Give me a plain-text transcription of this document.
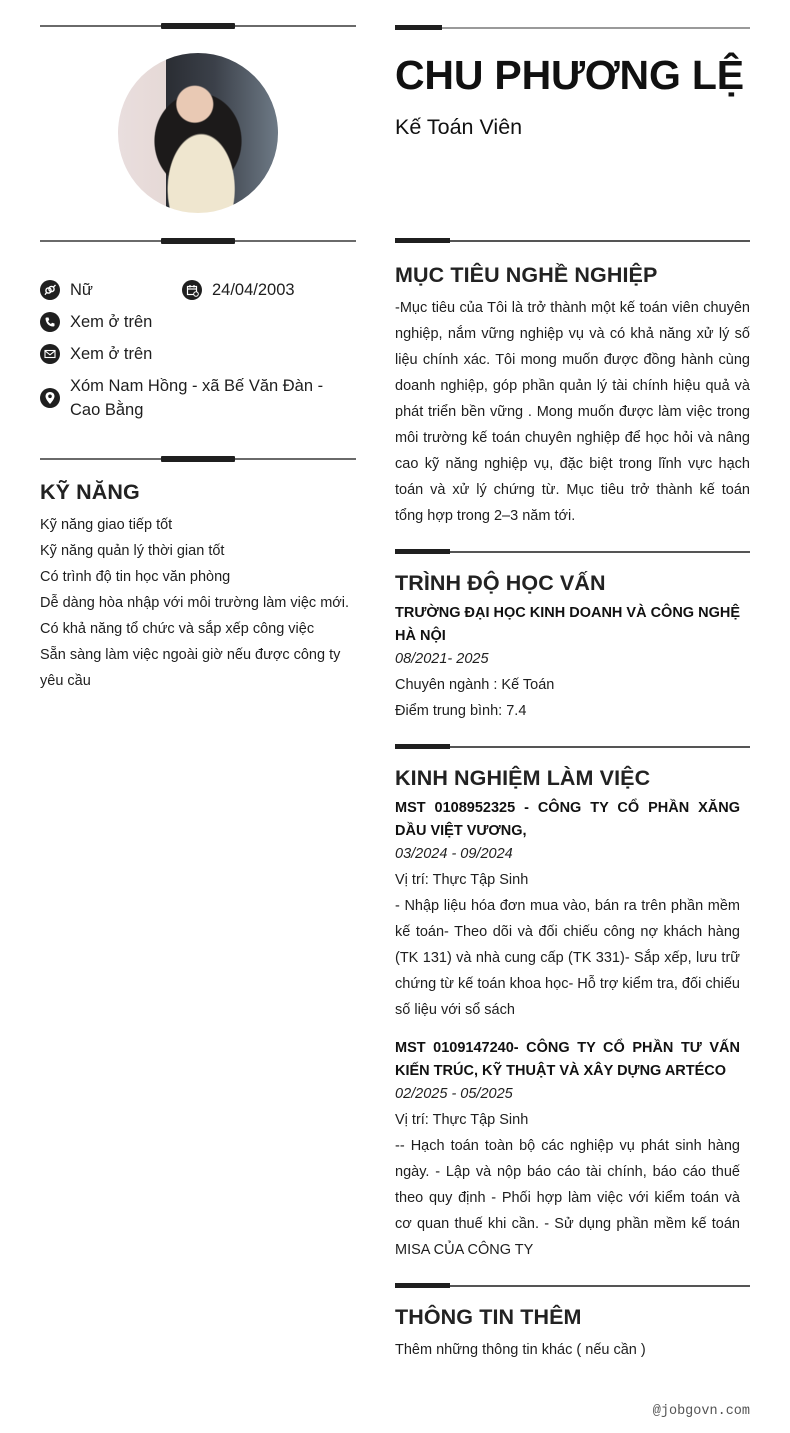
Nữ	24/04/2003
Xem ở trên
Xem ở trên
Xóm Nam Hồng - xã Bế Văn Đàn -
Cao Bằng
KỸ NĂNG
Kỹ năng giao tiếp tốt
Kỹ năng quản lý thời gian tốt
Có trình độ tin học văn phòng
Dễ dàng hòa nhập với môi trường làm việc mới.
Có khả năng tổ chức và sắp xếp công việc
Sẵn sàng làm việc ngoài giờ nếu được công ty
yêu cầu
CHU PHƯƠNG LỆ
Kế Toán Viên
MỤC TIÊU NGHỀ NGHIỆP
-Mục tiêu của Tôi là trở thành một kế toán viên chuyên nghiệp, nắm vững nghiệp vụ và có khả năng xử lý số liệu chính xác. Tôi mong muốn được đồng hành cùng doanh nghiệp, góp phần quản lý tài chính hiệu quả và phát triển bền vững . Mong muốn được làm việc trong môi trường kế toán chuyên nghiệp để học hỏi và nâng cao kỹ năng nghiệp vụ, đặc biệt trong lĩnh vực hạch toán và xử lý chứng từ. Mục tiêu trở thành kế toán tổng hợp trong 2–3 năm tới.
TRÌNH ĐỘ HỌC VẤN
TRƯỜNG ĐẠI HỌC KINH DOANH VÀ CÔNG NGHỆ HÀ NỘI
08/2021- 2025
Chuyên ngành : Kế Toán
Điểm trung bình: 7.4
KINH NGHIỆM LÀM VIỆC
MST 0108952325 - CÔNG TY CỔ PHẦN XĂNG DẦU VIỆT VƯƠNG,
03/2024 - 09/2024
Vị trí: Thực Tập Sinh
- Nhập liệu hóa đơn mua vào, bán ra trên phần mềm kế toán- Theo dõi và đối chiếu công nợ khách hàng (TK 131) và nhà cung cấp (TK 331)- Sắp xếp, lưu trữ chứng từ kế toán khoa học- Hỗ trợ kiểm tra, đối chiếu số liệu với sổ sách
MST 0109147240- CÔNG TY CỔ PHẦN TƯ VẤN KIẾN TRÚC, KỸ THUẬT VÀ XÂY DỰNG ARTÉCO
02/2025 - 05/2025
Vị trí: Thực Tập Sinh
-- Hạch toán toàn bộ các nghiệp vụ phát sinh hàng ngày. - Lập và nộp báo cáo tài chính, báo cáo thuế theo quy định - Phối hợp làm việc với kiểm toán và cơ quan thuế khi cần. - Sử dụng phần mềm kế toán MISA CỦA CÔNG TY
THÔNG TIN THÊM
Thêm những thông tin khác ( nếu cần )
@jobgovn.com
